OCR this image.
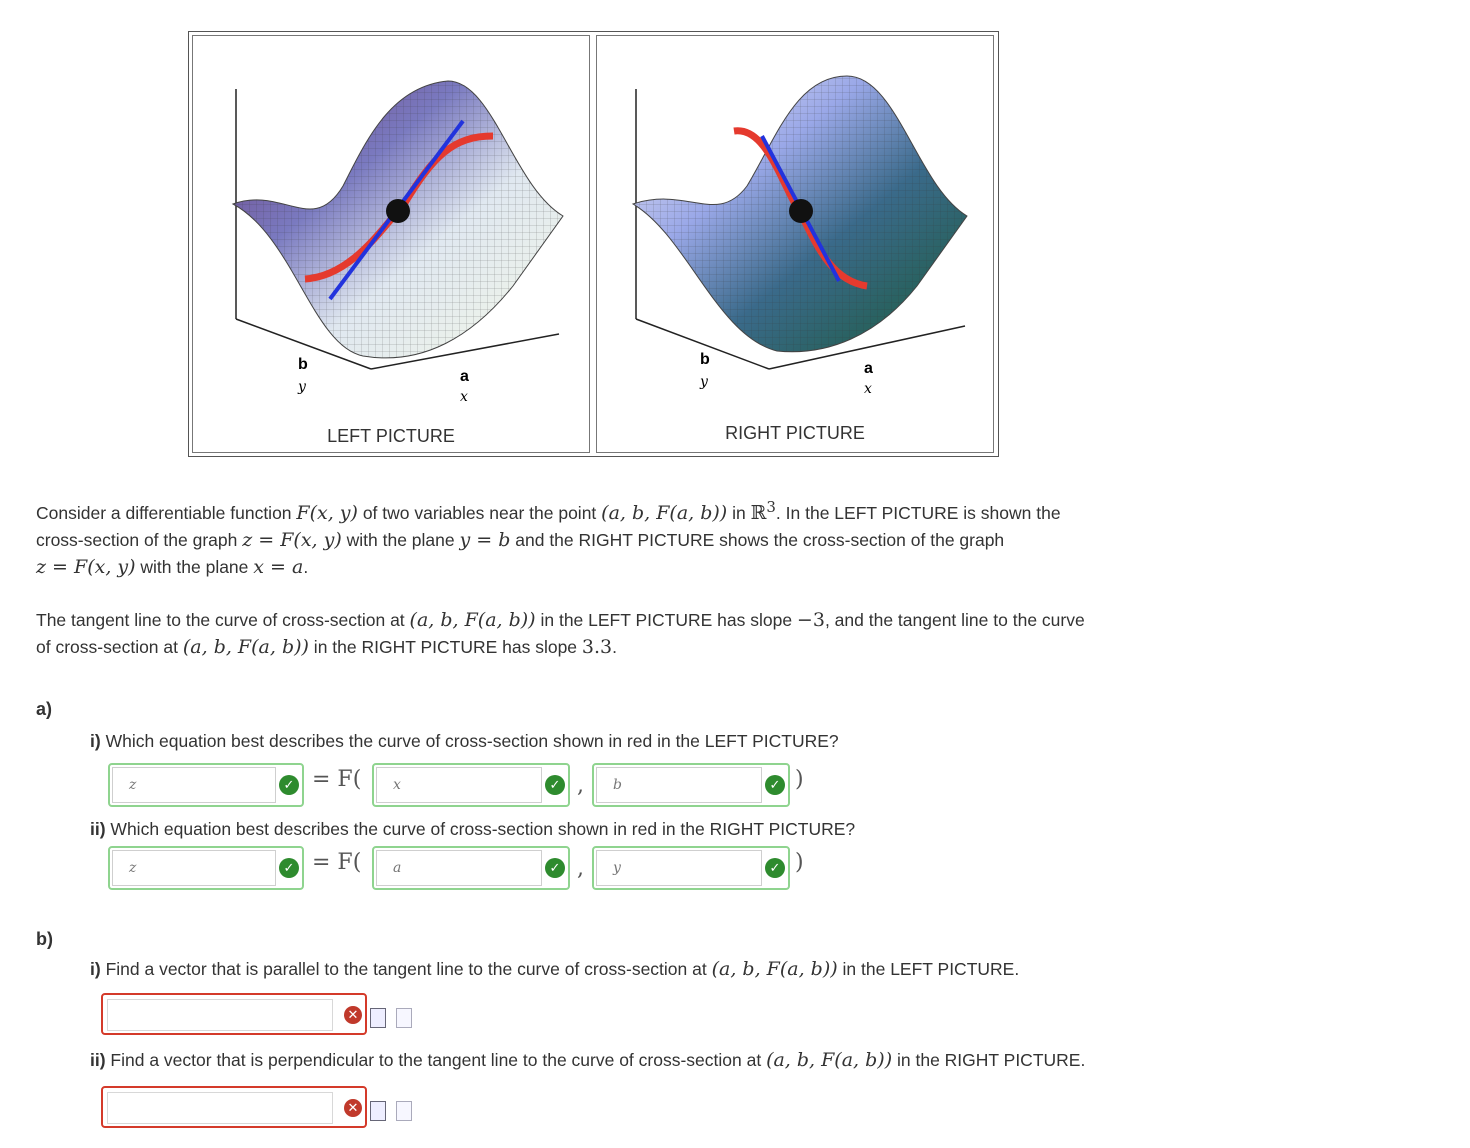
b
y
a
x
LEFT PICTURE
b
y
a
x
RIGHT PICTURE
Consider a differentiable function F(x, y) of two variables near the point (a, b, F(a, b)) in ℝ$^3$. In the LEFT PICTURE is shown the
cross-section of the graph z = F(x, y) with the plane y = b and the RIGHT PICTURE shows the cross-section of the graph
z = F(x, y) with the plane x = a.
The tangent line to the curve of cross-section at (a, b, F(a, b)) in the LEFT PICTURE has slope −3, and the tangent line to the curve
of cross-section at (a, b, F(a, b)) in the RIGHT PICTURE has slope 3.3.
a)
i) Which equation best describes the curve of cross-section shown in red in the LEFT PICTURE?
z	✓ = F(	x	✓ ,	b	✓ )
ii) Which equation best describes the curve of cross-section shown in red in the RIGHT PICTURE?
z	✓ = F(	a	✓ ,	y	✓ )
b)
i) Find a vector that is parallel to the tangent line to the curve of cross-section at (a, b, F(a, b)) in the LEFT PICTURE.
✕
ii) Find a vector that is perpendicular to the tangent line to the curve of cross-section at (a, b, F(a, b)) in the RIGHT PICTURE.
✕
